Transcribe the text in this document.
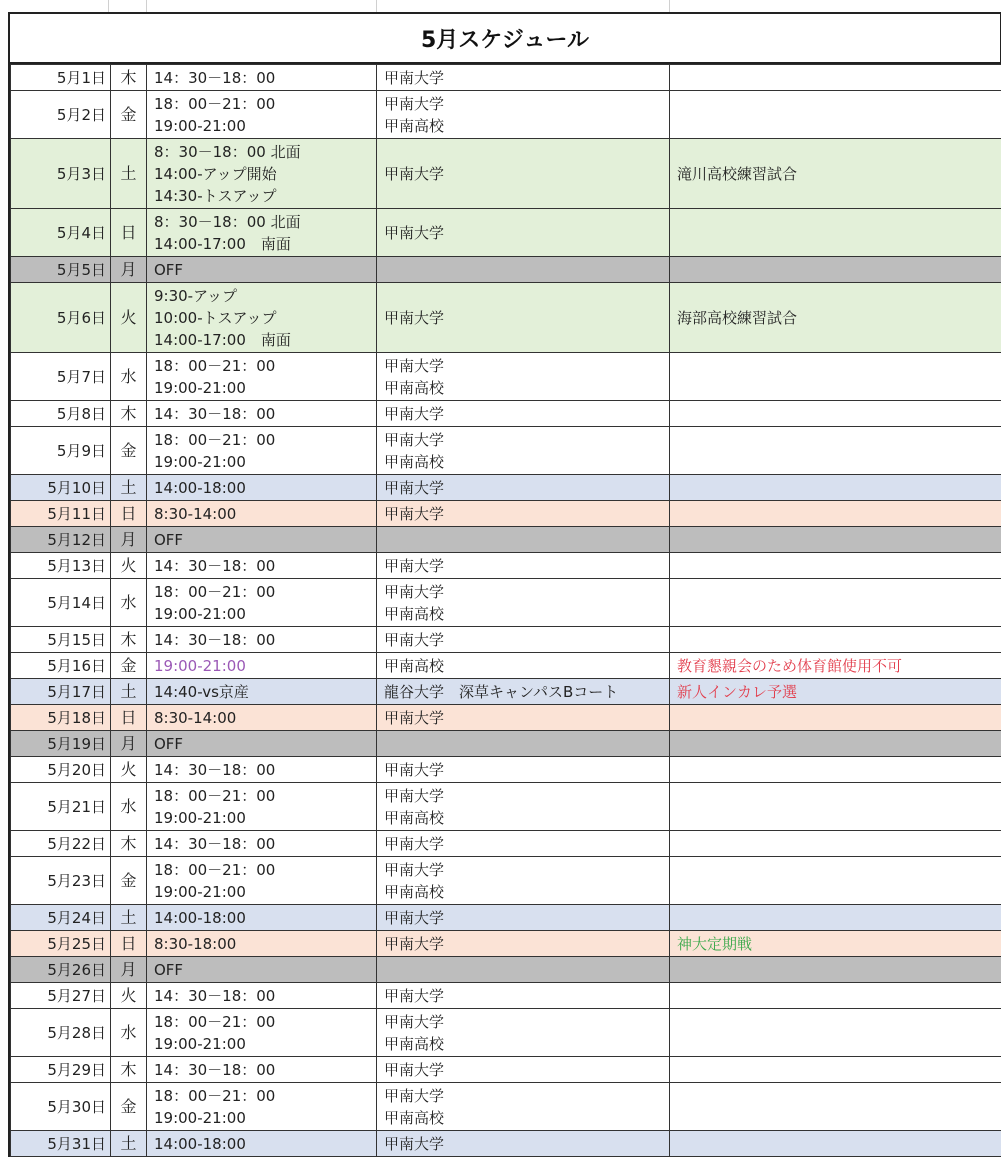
5月スケジュール
5月1日	木	14：30－18：00	甲南大学	

5月2日	金	18：00－21：00
19:00-21:00	甲南大学
甲南高校	

5月3日	土	8：30－18：00 北面
14:00-アップ開始
14:30-トスアップ	甲南大学	滝川高校練習試合
5月4日	日	8：30－18：00 北面
14:00-17:00　南面	甲南大学	

5月5日	月	OFF		

5月6日	火	9:30-アップ
10:00-トスアップ
14:00-17:00　南面	甲南大学	海部高校練習試合
5月7日	水	18：00－21：00
19:00-21:00	甲南大学
甲南高校	

5月8日	木	14：30－18：00	甲南大学	

5月9日	金	18：00－21：00
19:00-21:00	甲南大学
甲南高校	

5月10日	土	14:00-18:00	甲南大学	

5月11日	日	8:30-14:00	甲南大学	

5月12日	月	OFF		

5月13日	火	14：30－18：00	甲南大学	

5月14日	水	18：00－21：00
19:00-21:00	甲南大学
甲南高校	

5月15日	木	14：30－18：00	甲南大学	

5月16日	金	19:00-21:00	甲南高校	教育懇親会のため体育館使用不可
5月17日	土	14:40-vs京産	龍谷大学　深草キャンパスBコート	新人インカレ予選
5月18日	日	8:30-14:00	甲南大学	

5月19日	月	OFF		

5月20日	火	14：30－18：00	甲南大学	

5月21日	水	18：00－21：00
19:00-21:00	甲南大学
甲南高校	

5月22日	木	14：30－18：00	甲南大学	

5月23日	金	18：00－21：00
19:00-21:00	甲南大学
甲南高校	

5月24日	土	14:00-18:00	甲南大学	

5月25日	日	8:30-18:00	甲南大学	神大定期戦
5月26日	月	OFF		

5月27日	火	14：30－18：00	甲南大学	

5月28日	水	18：00－21：00
19:00-21:00	甲南大学
甲南高校	

5月29日	木	14：30－18：00	甲南大学	

5月30日	金	18：00－21：00
19:00-21:00	甲南大学
甲南高校	

5月31日	土	14:00-18:00	甲南大学	
